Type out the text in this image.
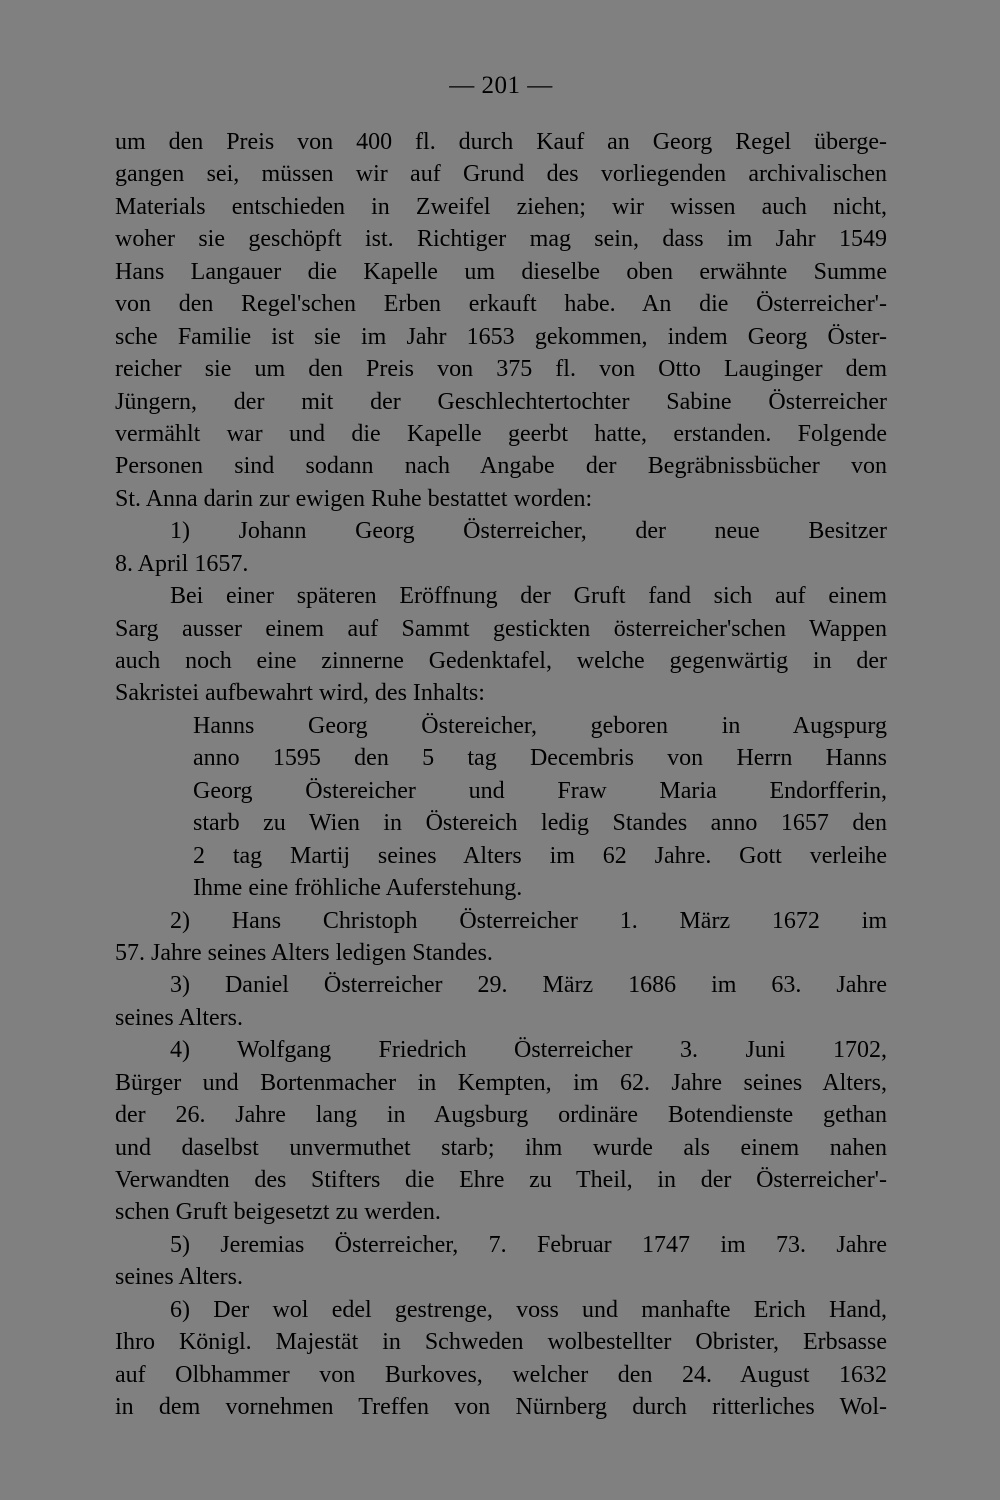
— 201 —
um den Preis von 400 fl. durch Kauf an Georg Regel überge-
gangen sei, müssen wir auf Grund des vorliegenden archivalischen
Materials entschieden in Zweifel ziehen; wir wissen auch nicht,
woher sie geschöpft ist. Richtiger mag sein, dass im Jahr 1549
Hans Langauer die Kapelle um dieselbe oben erwähnte Summe
von den Regel'schen Erben erkauft habe. An die Österreicher'-
sche Familie ist sie im Jahr 1653 gekommen, indem Georg Öster-
reicher sie um den Preis von 375 fl. von Otto Lauginger dem
Jüngern, der mit der Geschlechtertochter Sabine Österreicher
vermählt war und die Kapelle geerbt hatte, erstanden. Folgende
Personen sind sodann nach Angabe der Begräbnissbücher von
St. Anna darin zur ewigen Ruhe bestattet worden:
1) Johann Georg Österreicher, der neue Besitzer
8. April 1657.
Bei einer späteren Eröffnung der Gruft fand sich auf einem
Sarg ausser einem auf Sammt gestickten österreicher'schen Wappen
auch noch eine zinnerne Gedenktafel, welche gegenwärtig in der
Sakristei aufbewahrt wird, des Inhalts:
Hanns Georg Östereicher, geboren in Augspurg
anno 1595 den 5 tag Decembris von Herrn Hanns
Georg Östereicher und Fraw Maria Endorfferin,
starb zu Wien in Östereich ledig Standes anno 1657 den
2 tag Martij seines Alters im 62 Jahre. Gott verleihe
Ihme eine fröhliche Auferstehung.
2) Hans Christoph Österreicher 1. März 1672 im
57. Jahre seines Alters ledigen Standes.
3) Daniel Österreicher 29. März 1686 im 63. Jahre
seines Alters.
4) Wolfgang Friedrich Österreicher 3. Juni 1702,
Bürger und Bortenmacher in Kempten, im 62. Jahre seines Alters,
der 26. Jahre lang in Augsburg ordinäre Botendienste gethan
und daselbst unvermuthet starb; ihm wurde als einem nahen
Verwandten des Stifters die Ehre zu Theil, in der Österreicher'-
schen Gruft beigesetzt zu werden.
5) Jeremias Österreicher, 7. Februar 1747 im 73. Jahre
seines Alters.
6) Der wol edel gestrenge, voss und manhafte Erich Hand,
Ihro Königl. Majestät in Schweden wolbestellter Obrister, Erbsasse
auf Olbhammer von Burkoves, welcher den 24. August 1632
in dem vornehmen Treffen von Nürnberg durch ritterliches Wol-
